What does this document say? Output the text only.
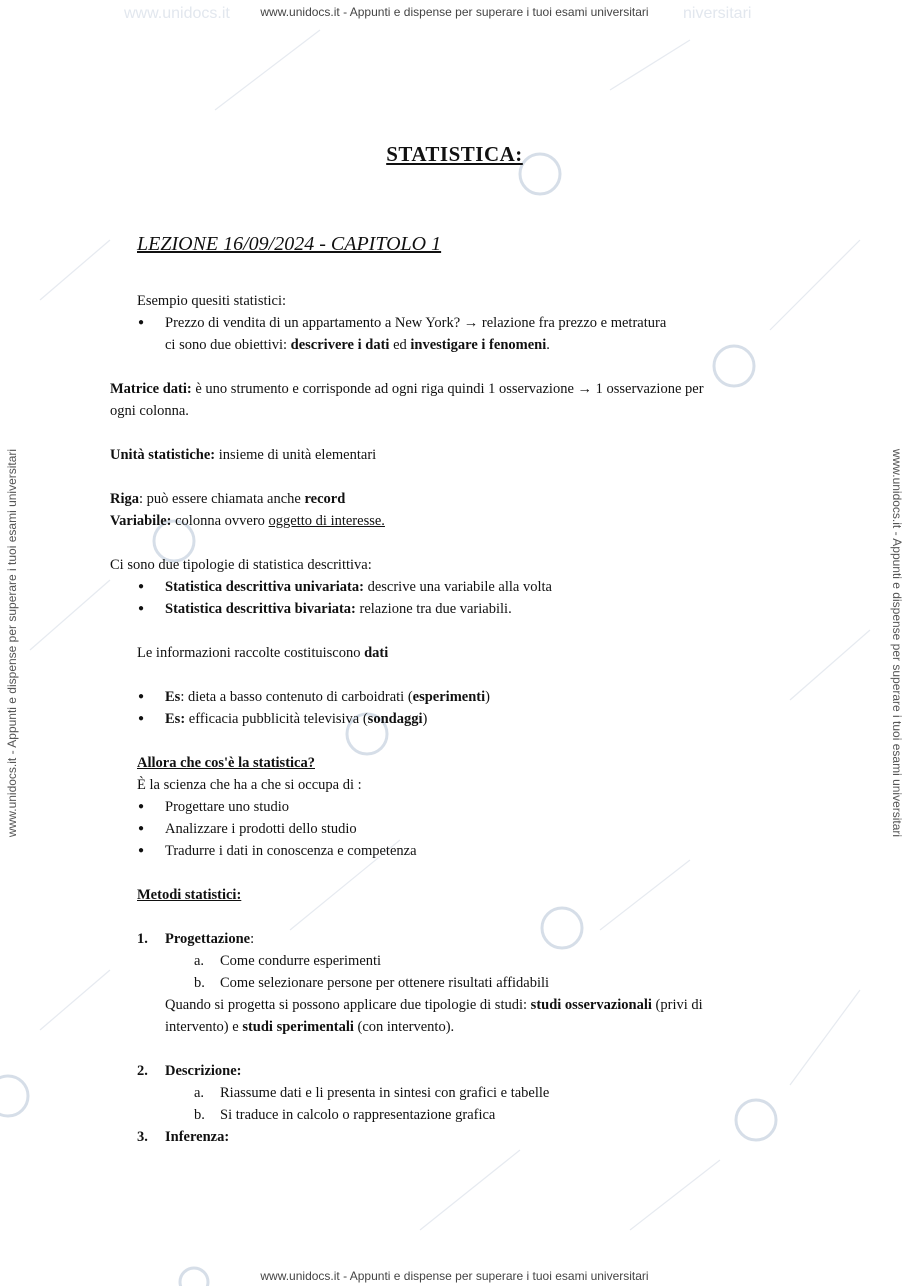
www.unidocs.it - Appunti e dispense per superare i tuoi esami universitari
www.unidocs.it - Appunti e dispense per superare i tuoi esami universitari
www.unidocs.it	niversitari
www.unidocs.it - Appunti e dispense per superare i tuoi esami universitari	www.unidocs.it - Appunti e dispense per superare i tuoi esami universitari
STATISTICA:
LEZIONE 16/09/2024 - CAPITOLO 1
Esempio quesiti statistici:
● Prezzo di vendita di un appartamento a New York? → relazione fra prezzo e metratura
ci sono due obiettivi: descrivere i dati ed investigare i fenomeni.
Matrice dati: è uno strumento e corrisponde ad ogni riga quindi 1 osservazione → 1 osservazione per
ogni colonna.
Unità statistiche: insieme di unità elementari
Riga: può essere chiamata anche record
Variabile: colonna ovvero oggetto di interesse.
Ci sono due tipologie di statistica descrittiva:
● Statistica descrittiva univariata: descrive una variabile alla volta
● Statistica descrittiva bivariata: relazione tra due variabili.
Le informazioni raccolte costituiscono dati
● Es: dieta a basso contenuto di carboidrati (esperimenti)
● Es: efficacia pubblicità televisiva (sondaggi)
Allora che cos'è la statistica?
È la scienza che ha a che si occupa di :
● Progettare uno studio
● Analizzare i prodotti dello studio
● Tradurre i dati in conoscenza e competenza
Metodi statistici:
1. Progettazione:
a. Come condurre esperimenti
b. Come selezionare persone per ottenere risultati affidabili
Quando si progetta si possono applicare due tipologie di studi: studi osservazionali (privi di
intervento) e studi sperimentali (con intervento).
2. Descrizione:
a. Riassume dati e li presenta in sintesi con grafici e tabelle
b. Si traduce in calcolo o rappresentazione grafica
3. Inferenza:
